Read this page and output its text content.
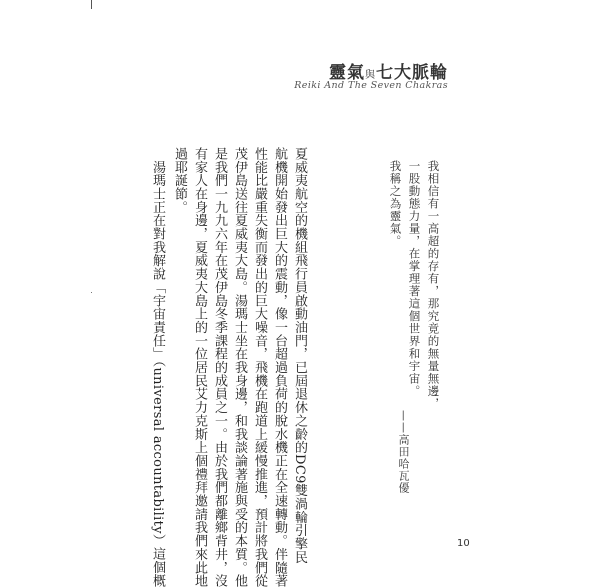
靈氣與七大脈輪
Reiki And The Seven Chakras
我相信有一高超的存有，那究竟的無量無邊，
一股動態力量，在掌理著這個世界和宇宙。
我稱之為靈氣。
——高田哈瓦優
夏威夷航空的機組飛行員啟動油門，已屆退休之齡的DC9雙渦輪引擎民
航機開始發出巨大的震動，像一台超過負荷的脫水機正在全速轉動。伴隨著
性能比嚴重失衡而發出的巨大噪音，飛機在跑道上緩慢推進，預計將我們從
茂伊島送往夏威夷大島。湯瑪士坐在我身邊，和我談論著施與受的本質。他
是我們一九九六年在茂伊島冬季課程的成員之一。由於我們都離鄉背井，沒
有家人在身邊，夏威夷大島上的一位居民艾力克斯上個禮拜邀請我們來此地
過耶誕節。
　湯瑪士正在對我解說「宇宙責任」（universal accountability）這個概	10
